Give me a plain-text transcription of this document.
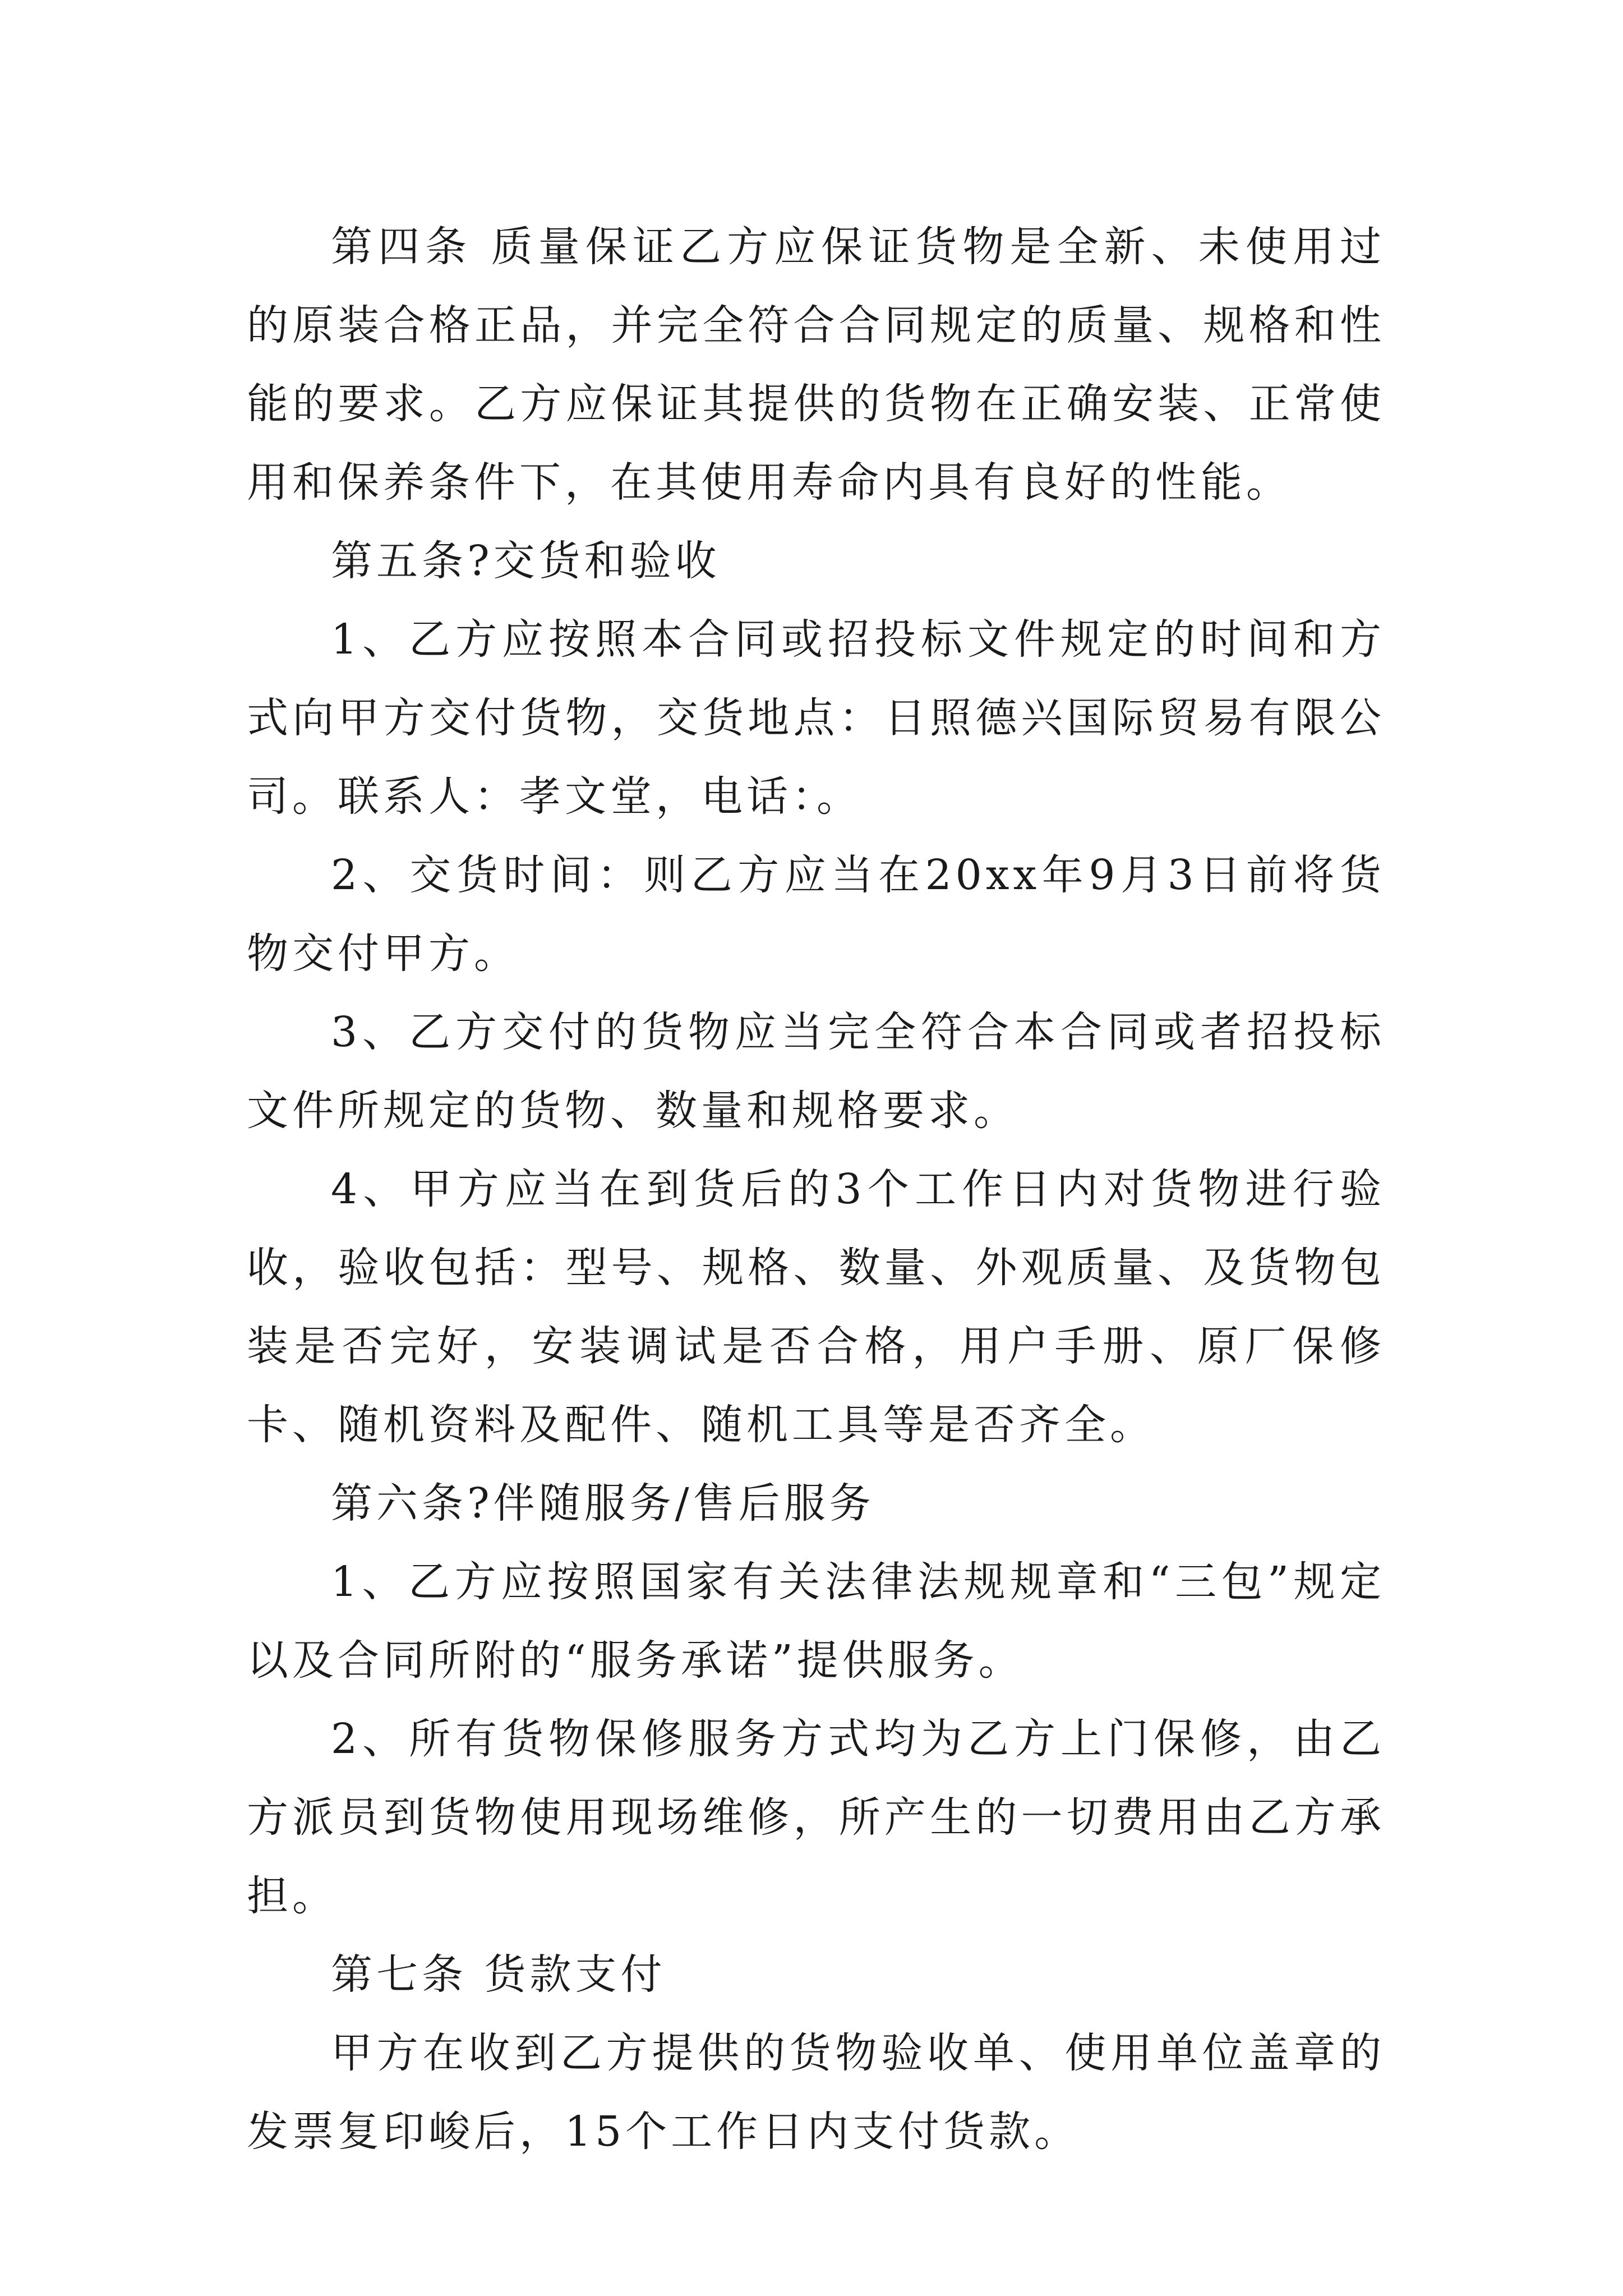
第四条 质量保证乙方应保证货物是全新、未使用过的原装合格正品，并完全符合合同规定的质量、规格和性能的要求。乙方应保证其提供的货物在正确安装、正常使用和保养条件下，在其使用寿命内具有良好的性能。

第五条?交货和验收

1、乙方应按照本合同或招投标文件规定的时间和方式向甲方交付货物，交货地点：日照德兴国际贸易有限公司。联系人：孝文堂，电话：。

2、交货时间：则乙方应当在20xx年9月3日前将货物交付甲方。

3、乙方交付的货物应当完全符合本合同或者招投标文件所规定的货物、数量和规格要求。

4、甲方应当在到货后的3个工作日内对货物进行验收，验收包括：型号、规格、数量、外观质量、及货物包装是否完好，安装调试是否合格，用户手册、原厂保修卡、随机资料及配件、随机工具等是否齐全。

第六条?伴随服务/售后服务

1、乙方应按照国家有关法律法规规章和“三包”规定以及合同所附的“服务承诺”提供服务。

2、所有货物保修服务方式均为乙方上门保修，由乙方派员到货物使用现场维修，所产生的一切费用由乙方承担。

第七条 货款支付

甲方在收到乙方提供的货物验收单、使用单位盖章的发票复印峻后，15个工作日内支付货款。
